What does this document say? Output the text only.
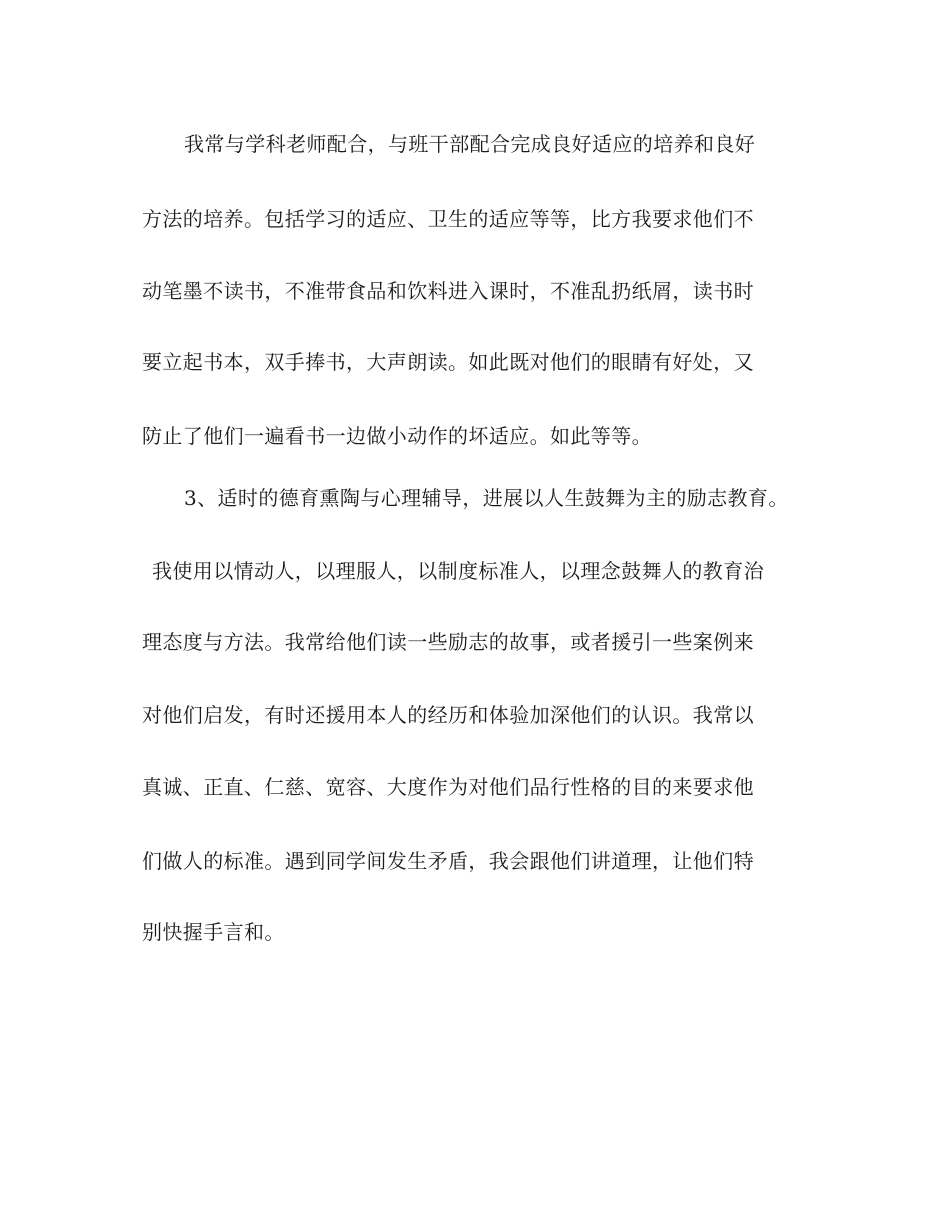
我常与学科老师配合，与班干部配合完成良好适应的培养和良好
方法的培养。包括学习的适应、卫生的适应等等，比方我要求他们不
动笔墨不读书，不准带食品和饮料进入课时，不准乱扔纸屑，读书时
要立起书本，双手捧书，大声朗读。如此既对他们的眼睛有好处，又
防止了他们一遍看书一边做小动作的坏适应。如此等等。
3、适时的德育熏陶与心理辅导，进展以人生鼓舞为主的励志教育。
我使用以情动人，以理服人，以制度标准人，以理念鼓舞人的教育治
理态度与方法。我常给他们读一些励志的故事，或者援引一些案例来
对他们启发，有时还援用本人的经历和体验加深他们的认识。我常以
真诚、正直、仁慈、宽容、大度作为对他们品行性格的目的来要求他
们做人的标准。遇到同学间发生矛盾，我会跟他们讲道理，让他们特
别快握手言和。
